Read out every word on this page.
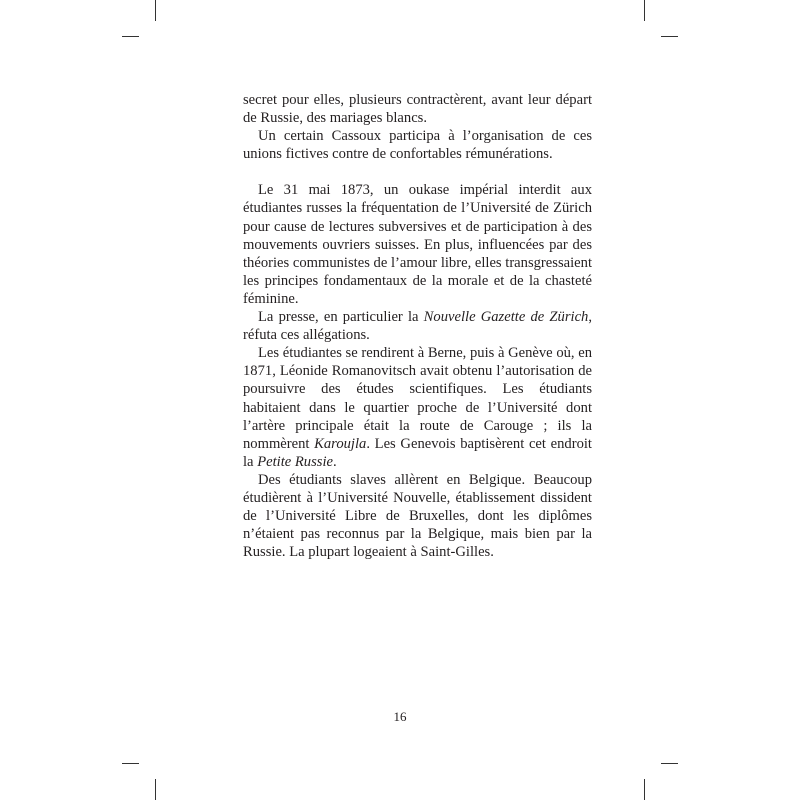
secret pour elles, plusieurs contractèrent, avant leur départ de Russie, des mariages blancs.

Un certain Cassoux participa à l’organisation de ces unions fictives contre de confortables rémunérations.

Le 31 mai 1873, un oukase impérial interdit aux étudiantes russes la fréquentation de l’Université de Zürich pour cause de lectures subversives et de participation à des mouvements ouvriers suisses. En plus, influencées par des théories communistes de l’amour libre, elles transgressaient les principes fondamentaux de la morale et de la chasteté féminine.

La presse, en particulier la Nouvelle Gazette de Zürich, réfuta ces allégations.

Les étudiantes se rendirent à Berne, puis à Genève où, en 1871, Léonide Romanovitsch avait obtenu l’autorisation de poursuivre des études scientifiques. Les étudiants habitaient dans le quartier proche de l’Université dont l’artère principale était la route de Carouge ; ils la nommèrent Karoujla. Les Genevois baptisèrent cet endroit la Petite Russie.

Des étudiants slaves allèrent en Belgique. Beaucoup étudièrent à l’Université Nouvelle, établissement dissident de l’Université Libre de Bruxelles, dont les diplômes n’étaient pas reconnus par la Belgique, mais bien par la Russie. La plupart logeaient à Saint-Gilles.

16
